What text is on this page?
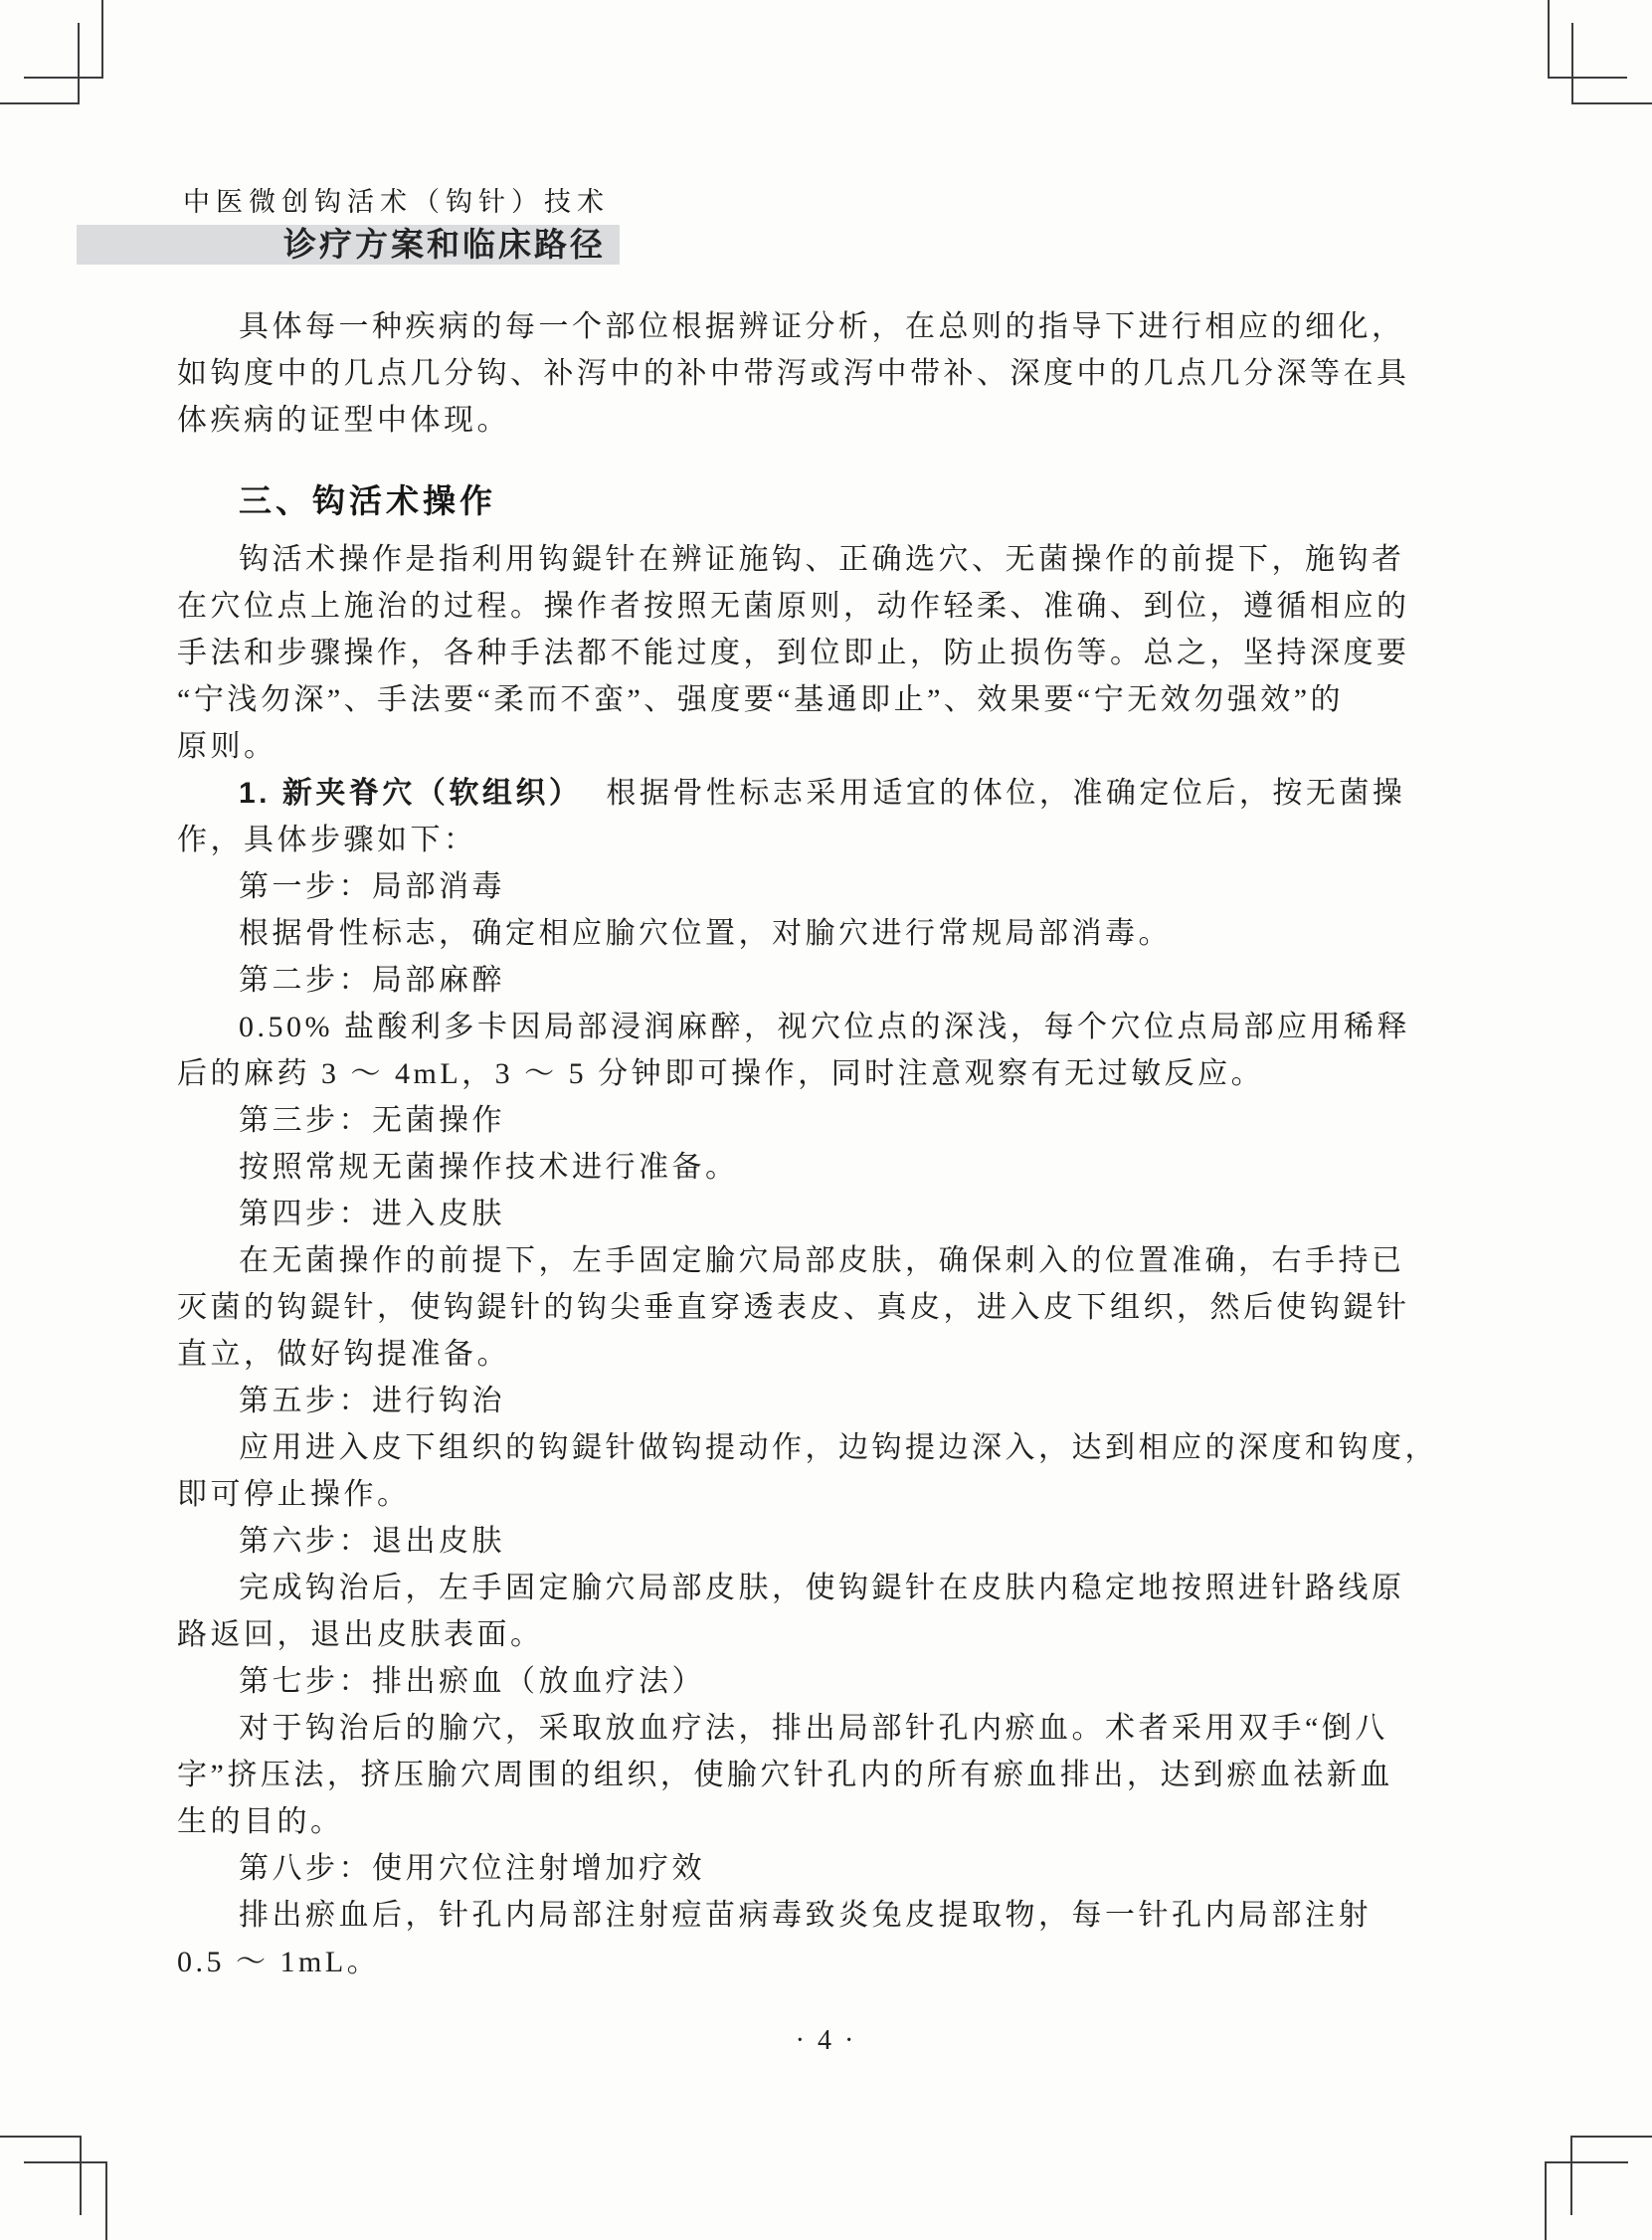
中医微创钩活术（钩针）技术
诊疗方案和临床路径
具体每一种疾病的每一个部位根据辨证分析，在总则的指导下进行相应的细化，
如钩度中的几点几分钩、补泻中的补中带泻或泻中带补、深度中的几点几分深等在具
体疾病的证型中体现。
三、钩活术操作
钩活术操作是指利用钩鍉针在辨证施钩、正确选穴、无菌操作的前提下，施钩者
在穴位点上施治的过程。操作者按照无菌原则，动作轻柔、准确、到位，遵循相应的
手法和步骤操作，各种手法都不能过度，到位即止，防止损伤等。总之，坚持深度要
“宁浅勿深”、手法要“柔而不蛮”、强度要“基通即止”、效果要“宁无效勿强效”的
原则。
1. 新夹脊穴（软组织） 根据骨性标志采用适宜的体位，准确定位后，按无菌操
作，具体步骤如下：
第一步：局部消毒
根据骨性标志，确定相应腧穴位置，对腧穴进行常规局部消毒。
第二步：局部麻醉
0.50% 盐酸利多卡因局部浸润麻醉，视穴位点的深浅，每个穴位点局部应用稀释
后的麻药 3 ～ 4mL，3 ～ 5 分钟即可操作，同时注意观察有无过敏反应。
第三步：无菌操作
按照常规无菌操作技术进行准备。
第四步：进入皮肤
在无菌操作的前提下，左手固定腧穴局部皮肤，确保刺入的位置准确，右手持已
灭菌的钩鍉针，使钩鍉针的钩尖垂直穿透表皮、真皮，进入皮下组织，然后使钩鍉针
直立，做好钩提准备。
第五步：进行钩治
应用进入皮下组织的钩鍉针做钩提动作，边钩提边深入，达到相应的深度和钩度，
即可停止操作。
第六步：退出皮肤
完成钩治后，左手固定腧穴局部皮肤，使钩鍉针在皮肤内稳定地按照进针路线原
路返回，退出皮肤表面。
第七步：排出瘀血（放血疗法）
对于钩治后的腧穴，采取放血疗法，排出局部针孔内瘀血。术者采用双手“倒八
字”挤压法，挤压腧穴周围的组织，使腧穴针孔内的所有瘀血排出，达到瘀血祛新血
生的目的。
第八步：使用穴位注射增加疗效
排出瘀血后，针孔内局部注射痘苗病毒致炎兔皮提取物，每一针孔内局部注射
0.5 ～ 1mL。
· 4 ·
